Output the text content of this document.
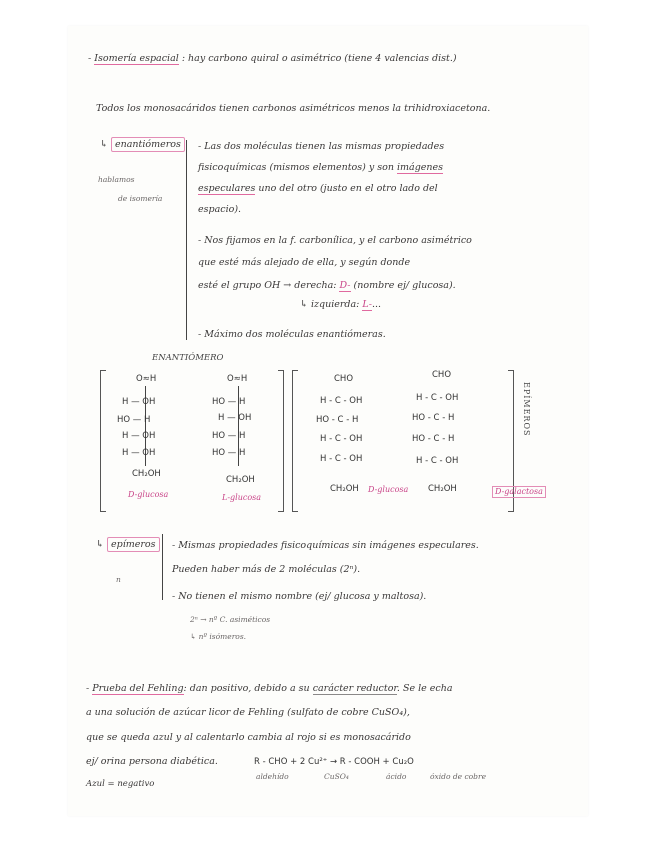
- Isomería espacial : hay carbono quiral o asimétrico (tiene 4 valencias dist.)
Todos los monosacáridos tienen carbonos asimétricos menos la trihidroxiacetona.
↳ enantiómeros
hablamos
de isomería
- Las dos moléculas tienen las mismas propiedades
fisicoquímicas (mismos elementos) y son imágenes
especulares uno del otro (justo en el otro lado del
espacio).
- Nos fijamos en la f. carbonílica, y el carbono asimétrico
que esté más alejado de ella, y según donde
esté el grupo OH → derecha: D- (nombre ej/ glucosa).
↳ izquierda: L-...
- Máximo dos moléculas enantiómeras.
ENANTIÓMERO
O≈H
H — OH
HO — H
H — OH
H — OH
CH₂OH
D-glucosa
O≈H
HO — H
H — OH
HO — H
HO — H
CH₂OH
L-glucosa
CHO
H - C - OH
HO - C - H
H - C - OH
H - C - OH
CH₂OH D-glucosa
CHO
H - C - OH
HO - C - H
HO - C - H
H - C - OH
CH₂OH	D-galactosa
EPÍMEROS
↳ epímeros
n
- Mismas propiedades fisicoquímicas sin imágenes especulares.
Pueden haber más de 2 moléculas (2ⁿ).
- No tienen el mismo nombre (ej/ glucosa y maltosa).
2ⁿ → nº C. asiméticos
↳ nº isómeros.
- Prueba del Fehling: dan positivo, debido a su carácter reductor. Se le echa
a una solución de azúcar licor de Fehling (sulfato de cobre CuSO₄),
que se queda azul y al calentarlo cambia al rojo si es monosacárido
ej/ orina persona diabética.	R - CHO + 2 Cu²⁺ → R - COOH + Cu₂O
aldehído	CuSO₄	ácido	óxido de cobre
Azul = negativo
